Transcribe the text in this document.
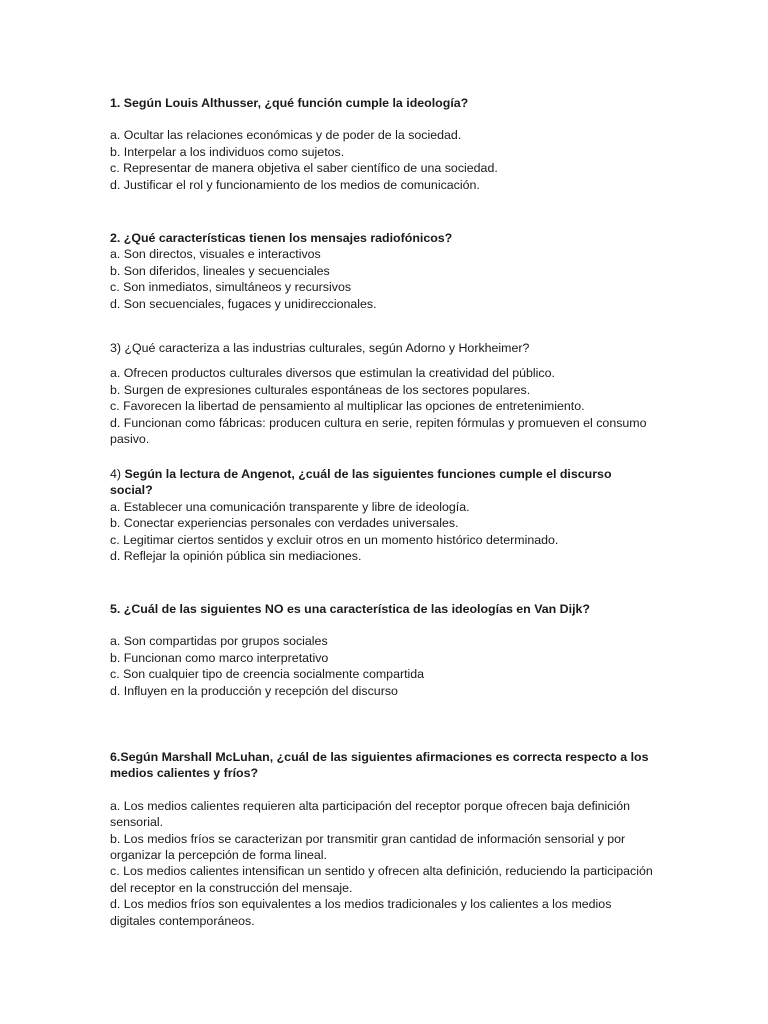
1. Según Louis Althusser, ¿qué función cumple la ideología?

a. Ocultar las relaciones económicas y de poder de la sociedad.

b. Interpelar a los individuos como sujetos.

c. Representar de manera objetiva el saber científico de una sociedad.

d. Justificar el rol y funcionamiento de los medios de comunicación.

2. ¿Qué características tienen los mensajes radiofónicos?

a. Son directos, visuales e interactivos

b. Son diferidos, lineales y secuenciales

c. Son inmediatos, simultáneos y recursivos

d. Son secuenciales, fugaces y unidireccionales.

3) ¿Qué caracteriza a las industrias culturales, según Adorno y Horkheimer?

a. Ofrecen productos culturales diversos que estimulan la creatividad del público.

b. Surgen de expresiones culturales espontáneas de los sectores populares.

c. Favorecen la libertad de pensamiento al multiplicar las opciones de entretenimiento.

d. Funcionan como fábricas: producen cultura en serie, repiten fórmulas y promueven el consumo pasivo.

4) Según la lectura de Angenot, ¿cuál de las siguientes funciones cumple el discurso social?

a. Establecer una comunicación transparente y libre de ideología.

b. Conectar experiencias personales con verdades universales.

c. Legitimar ciertos sentidos y excluir otros en un momento histórico determinado.

d. Reflejar la opinión pública sin mediaciones.

5. ¿Cuál de las siguientes NO es una característica de las ideologías en Van Dijk?

a. Son compartidas por grupos sociales

b. Funcionan como marco interpretativo

c. Son cualquier tipo de creencia socialmente compartida

d. Influyen en la producción y recepción del discurso

6.Según Marshall McLuhan, ¿cuál de las siguientes afirmaciones es correcta respecto a los medios calientes y fríos?

a. Los medios calientes requieren alta participación del receptor porque ofrecen baja definición sensorial.

b. Los medios fríos se caracterizan por transmitir gran cantidad de información sensorial y por organizar la percepción de forma lineal.

c. Los medios calientes intensifican un sentido y ofrecen alta definición, reduciendo la participación del receptor en la construcción del mensaje.

d. Los medios fríos son equivalentes a los medios tradicionales y los calientes a los medios digitales contemporáneos.
